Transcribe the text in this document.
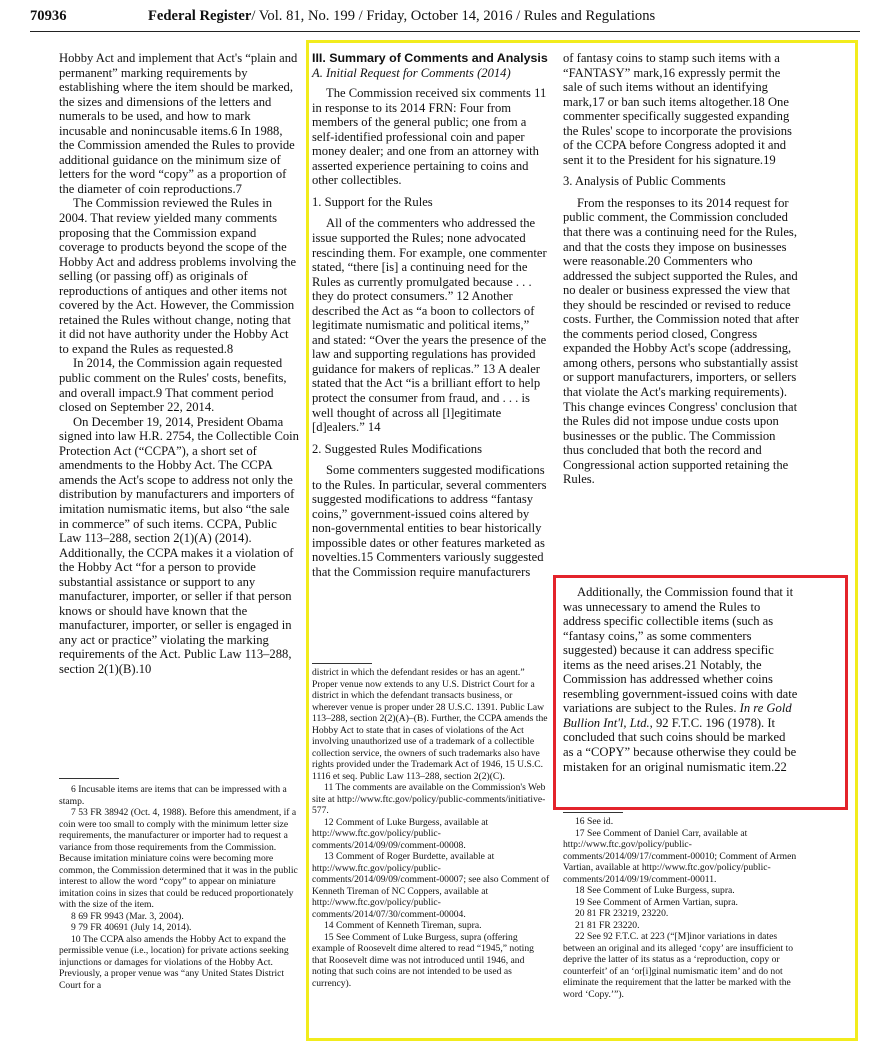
70936	Federal Register/ Vol. 81, No. 199 / Friday, October 14, 2016 / Rules and Regulations

Hobby Act and implement that Act's “plain and permanent” marking requirements by establishing where the item should be marked, the sizes and dimensions of the letters and numerals to be used, and how to mark incusable and nonincusable items.6 In 1988, the Commission amended the Rules to provide additional guidance on the minimum size of letters for the word “copy” as a proportion of the diameter of coin reproductions.7

The Commission reviewed the Rules in 2004. That review yielded many comments proposing that the Commission expand coverage to products beyond the scope of the Hobby Act and address problems involving the selling (or passing off) as originals of reproductions of antiques and other items not covered by the Act. However, the Commission retained the Rules without change, noting that it did not have authority under the Hobby Act to expand the Rules as requested.8

In 2014, the Commission again requested public comment on the Rules' costs, benefits, and overall impact.9 That comment period closed on September 22, 2014.

On December 19, 2014, President Obama signed into law H.R. 2754, the Collectible Coin Protection Act (“CCPA”), a short set of amendments to the Hobby Act. The CCPA amends the Act's scope to address not only the distribution by manufacturers and importers of imitation numismatic items, but also “the sale in commerce” of such items. CCPA, Public Law 113–288, section 2(1)(A) (2014). Additionally, the CCPA makes it a violation of the Hobby Act “for a person to provide substantial assistance or support to any manufacturer, importer, or seller if that person knows or should have known that the manufacturer, importer, or seller is engaged in any act or practice” violating the marking requirements of the Act. Public Law 113–288, section 2(1)(B).10

6 Incusable items are items that can be impressed with a stamp.

7 53 FR 38942 (Oct. 4, 1988). Before this amendment, if a coin were too small to comply with the minimum letter size requirements, the manufacturer or importer had to request a variance from those requirements from the Commission. Because imitation miniature coins were becoming more common, the Commission determined that it was in the public interest to allow the word “copy” to appear on miniature imitation coins in sizes that could be reduced proportionately with the size of the item.

8 69 FR 9943 (Mar. 3, 2004).

9 79 FR 40691 (July 14, 2014).

10 The CCPA also amends the Hobby Act to expand the permissible venue (i.e., location) for private actions seeking injunctions or damages for violations of the Hobby Act. Previously, a proper venue was “any United States District Court for a

III. Summary of Comments and Analysis

A. Initial Request for Comments (2014)

The Commission received six comments 11 in response to its 2014 FRN: Four from members of the general public; one from a self-identified professional coin and paper money dealer; and one from an attorney with asserted experience pertaining to coins and other collectibles.

1. Support for the Rules

All of the commenters who addressed the issue supported the Rules; none advocated rescinding them. For example, one commenter stated, “there [is] a continuing need for the Rules as currently promulgated because . . . they do protect consumers.” 12 Another described the Act as “a boon to collectors of legitimate numismatic and political items,” and stated: “Over the years the presence of the law and supporting regulations has provided guidance for makers of replicas.” 13 A dealer stated that the Act “is a brilliant effort to help protect the consumer from fraud, and . . . is well thought of across all [l]egitimate [d]ealers.” 14

2. Suggested Rules Modifications

Some commenters suggested modifications to the Rules. In particular, several commenters suggested modifications to address “fantasy coins,” government-issued coins altered by non-governmental entities to bear historically impossible dates or other features marketed as novelties.15 Commenters variously suggested that the Commission require manufacturers

district in which the defendant resides or has an agent.” Proper venue now extends to any U.S. District Court for a district in which the defendant transacts business, or wherever venue is proper under 28 U.S.C. 1391. Public Law 113–288, section 2(2)(A)–(B). Further, the CCPA amends the Hobby Act to state that in cases of violations of the Act involving unauthorized use of a trademark of a collectible collection service, the owners of such trademarks also have rights provided under the Trademark Act of 1946, 15 U.S.C. 1116 et seq. Public Law 113–288, section 2(2)(C).

11 The comments are available on the Commission's Web site at http://www.ftc.gov/policy/public-comments/initiative-577.

12 Comment of Luke Burgess, available at http://www.ftc.gov/policy/public-comments/2014/09/09/comment-00008.

13 Comment of Roger Burdette, available at http://www.ftc.gov/policy/public-comments/2014/09/09/comment-00007; see also Comment of Kenneth Tireman of NC Coppers, available at http://www.ftc.gov/policy/public-comments/2014/07/30/comment-00004.

14 Comment of Kenneth Tireman, supra.

15 See Comment of Luke Burgess, supra (offering example of Roosevelt dime altered to read “1945,” noting that Roosevelt dime was not introduced until 1946, and noting that such coins are not intended to be used as currency).

of fantasy coins to stamp such items with a “FANTASY” mark,16 expressly permit the sale of such items without an identifying mark,17 or ban such items altogether.18 One commenter specifically suggested expanding the Rules' scope to incorporate the provisions of the CCPA before Congress adopted it and sent it to the President for his signature.19

3. Analysis of Public Comments

From the responses to its 2014 request for public comment, the Commission concluded that there was a continuing need for the Rules, and that the costs they impose on businesses were reasonable.20 Commenters who addressed the subject supported the Rules, and no dealer or business expressed the view that they should be rescinded or revised to reduce costs. Further, the Commission noted that after the comments period closed, Congress expanded the Hobby Act's scope (addressing, among others, persons who substantially assist or support manufacturers, importers, or sellers that violate the Act's marking requirements). This change evinces Congress' conclusion that the Rules did not impose undue costs upon businesses or the public. The Commission thus concluded that both the record and Congressional action supported retaining the Rules.

Additionally, the Commission found that it was unnecessary to amend the Rules to address specific collectible items (such as “fantasy coins,” as some commenters suggested) because it can address specific items as the need arises.21 Notably, the Commission has addressed whether coins resembling government-issued coins with date variations are subject to the Rules. In re Gold Bullion Int'l, Ltd., 92 F.T.C. 196 (1978). It concluded that such coins should be marked as a “COPY” because otherwise they could be mistaken for an original numismatic item.22

16 See id.

17 See Comment of Daniel Carr, available at http://www.ftc.gov/policy/public-comments/2014/09/17/comment-00010; Comment of Armen Vartian, available at http://www.ftc.gov/policy/public-comments/2014/09/19/comment-00011.

18 See Comment of Luke Burgess, supra.

19 See Comment of Armen Vartian, supra.

20 81 FR 23219, 23220.

21 81 FR 23220.

22 See 92 F.T.C. at 223 (“[M]inor variations in dates between an original and its alleged ‘copy’ are insufficient to deprive the latter of its status as a ‘reproduction, copy or counterfeit’ of an ‘or[i]ginal numismatic item’ and do not eliminate the requirement that the latter be marked with the word ‘Copy.’”).
